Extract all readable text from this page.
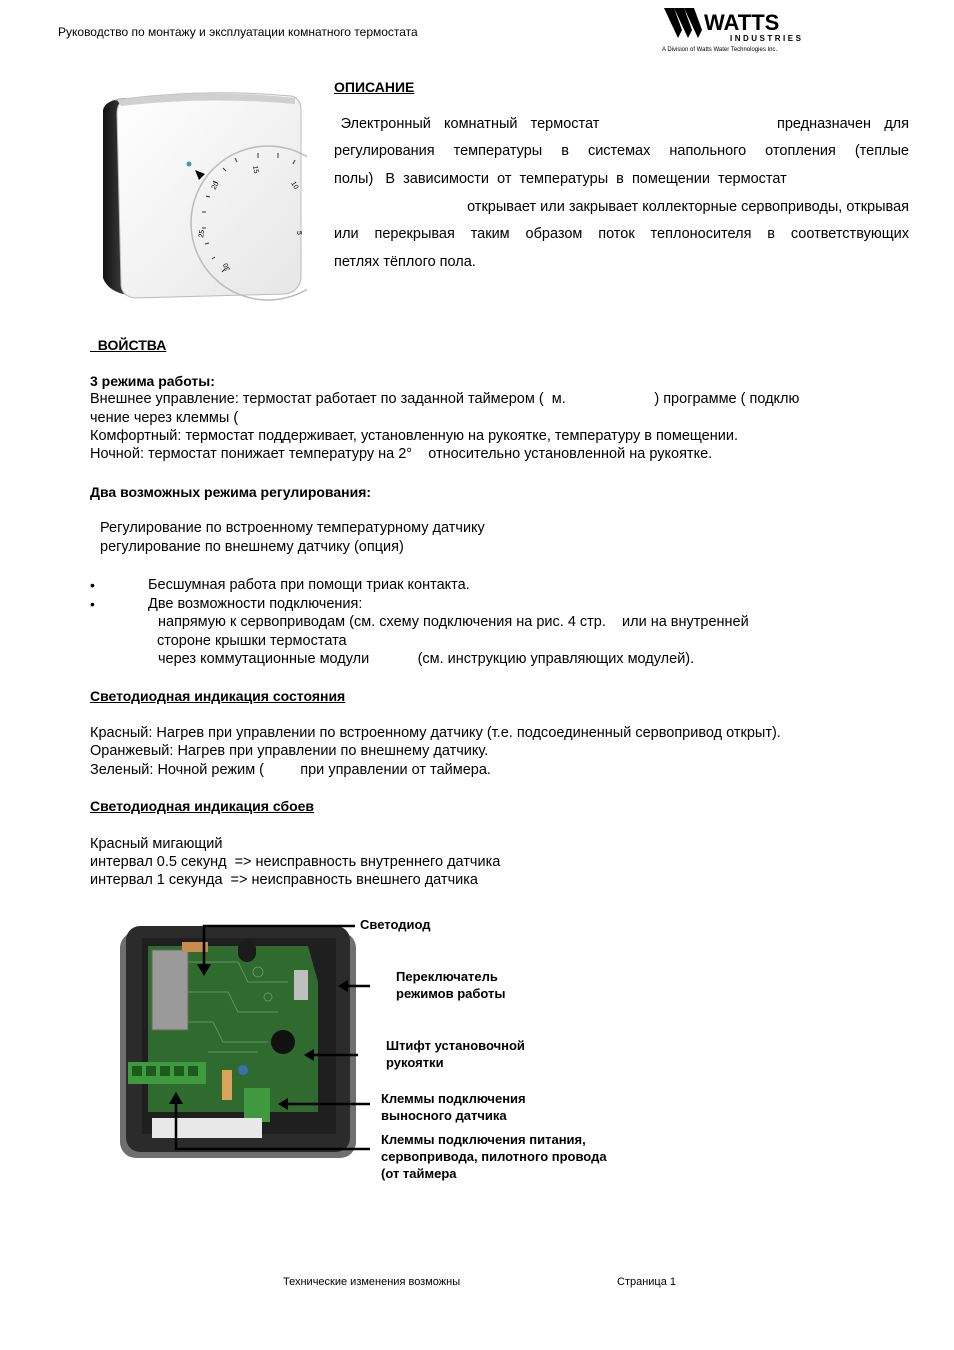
Руководство по монтажу и эксплуатации комнатного термостата	WATTS
INDUSTRIES
A Division of Watts Water Technologies Inc.
20
25
30
15
10
5
ОПИСАНИЕ
Электронный  комнатный  термостат                           предназначен  для
регулирования  температуры  в  системах  напольного  отопления  (теплые
полы)   В  зависимости  от  температуры  в  помещении  термостат
открывает или закрывает коллекторные сервоприводы, открывая
или  перекрывая  таким  образом  поток  теплоносителя  в  соответствующих
петлях тёплого пола.
ВОЙСТВА
3 режима работы:
Внешнее управление: термостат работает по заданной таймером (  м.                      ) программе ( подклю
чение через клеммы (
Комфортный: термостат поддерживает, установленную на рукоятке, температуру в помещении.
Ночной: термостат понижает температуру на 2°    относительно установленной на рукоятке.
Два возможных режима регулирования:
Регулирование по встроенному температурному датчику
регулирование по внешнему датчику (опция)
•	Бесшумная работа при помощи триак контакта.
•	Две возможности подключения:
напрямую к сервоприводам (см. схему подключения на рис. 4 стр.    или на внутренней
стороне крышки термостата
через коммутационные модули            (см. инструкцию управляющих модулей).
Светодиодная индикация состояния
Красный: Нагрев при управлении по встроенному датчику (т.е. подсоединенный сервопривод открыт).
Оранжевый: Нагрев при управлении по внешнему датчику.
Зеленый: Ночной режим (         при управлении от таймера.
Светодиодная индикация сбоев
Красный мигающий
интервал 0.5 секунд  => неисправность внутреннего датчика
интервал 1 секунда  => неисправность внешнего датчика
Светодиод
Переключатель
режимов работы
Штифт установочной
рукоятки
Клеммы подключения
выносного датчика
Клеммы подключения питания,
сервопривода, пилотного провода
(от таймера
Технические изменения возможны	Страница 1
